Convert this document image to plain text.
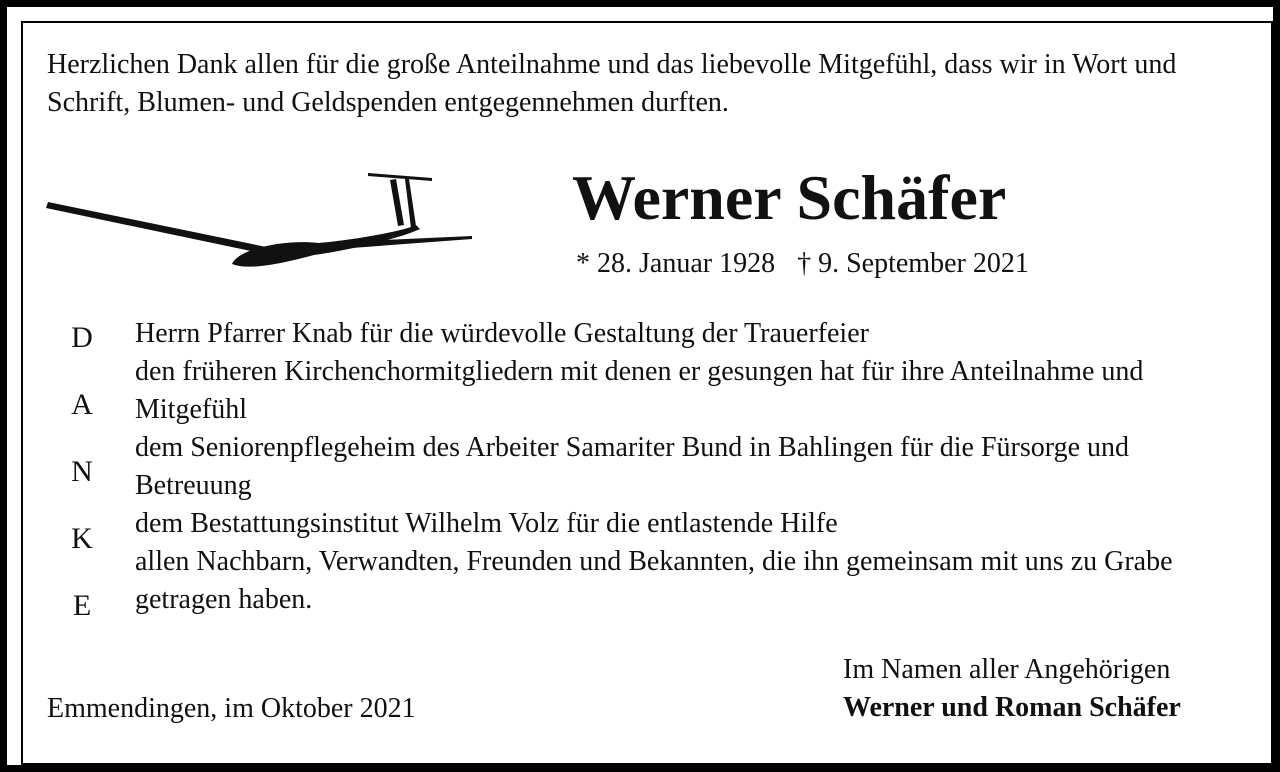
Herzlichen Dank allen für die große Anteilnahme und das liebevolle Mitgefühl, dass wir in Wort und Schrift, Blumen- und Geldspenden entgegennehmen durften.

Werner Schäfer
* 28. Januar 1928 † 9. September 2021
D
A
N
K
E

Herrn Pfarrer Knab für die würdevolle Gestaltung der Trauerfeier

den früheren Kirchenchormitgliedern mit denen er gesungen hat für ihre Anteilnahme und Mitgefühl

dem Seniorenpflegeheim des Arbeiter Samariter Bund in Bahlingen für die Fürsorge und Betreuung

dem Bestattungsinstitut Wilhelm Volz für die entlastende Hilfe

allen Nachbarn, Verwandten, Freunden und Bekannten, die ihn gemeinsam mit uns zu Grabe getragen haben.

Emmendingen, im Oktober 2021
Im Namen aller Angehörigen
Werner und Roman Schäfer
